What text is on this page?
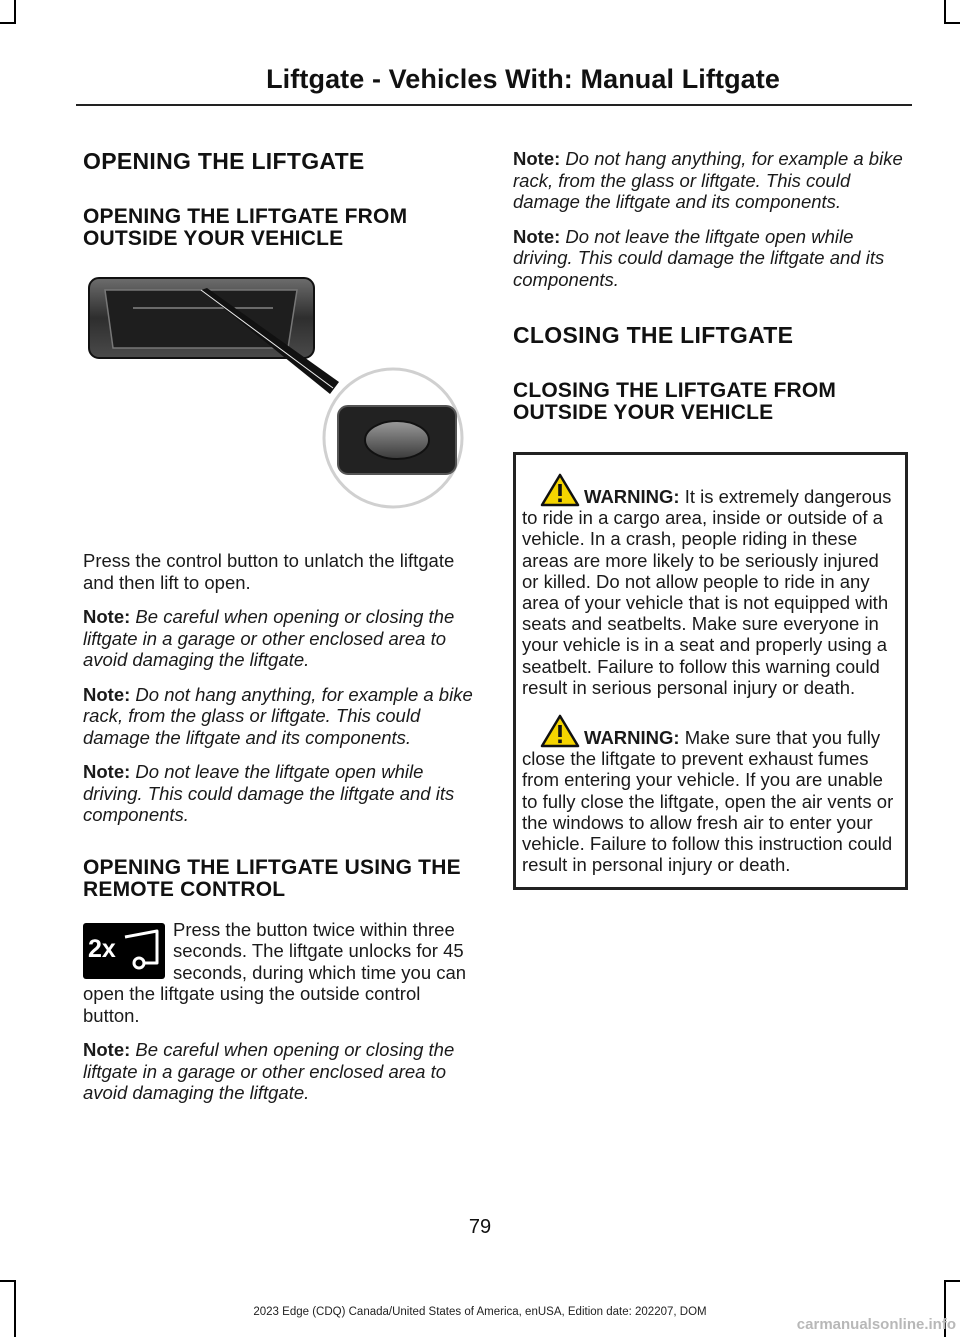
Liftgate - Vehicles With: Manual Liftgate
OPENING THE LIFTGATE
OPENING THE LIFTGATE FROM OUTSIDE YOUR VEHICLE

Press the control button to unlatch the liftgate and then lift to open.

Note: Be careful when opening or closing the liftgate in a garage or other enclosed area to avoid damaging the liftgate.

Note: Do not hang anything, for example a bike rack, from the glass or liftgate. This could damage the liftgate and its components.

Note: Do not leave the liftgate open while driving. This could damage the liftgate and its components.

OPENING THE LIFTGATE USING THE REMOTE CONTROL
2x

Press the button twice within three seconds. The liftgate unlocks for 45 seconds, during which time you can open the liftgate using the outside control button.

Note: Be careful when opening or closing the liftgate in a garage or other enclosed area to avoid damaging the liftgate.

Note: Do not hang anything, for example a bike rack, from the glass or liftgate. This could damage the liftgate and its components.

Note: Do not leave the liftgate open while driving. This could damage the liftgate and its components.

CLOSING THE LIFTGATE
CLOSING THE LIFTGATE FROM OUTSIDE YOUR VEHICLE
WARNING: It is extremely dangerous to ride in a cargo area, inside or outside of a vehicle. In a crash, people riding in these areas are more likely to be seriously injured or killed. Do not allow people to ride in any area of your vehicle that is not equipped with seats and seatbelts. Make sure everyone in your vehicle is in a seat and properly using a seatbelt. Failure to follow this warning could result in serious personal injury or death.
WARNING: Make sure that you fully close the liftgate to prevent exhaust fumes from entering your vehicle. If you are unable to fully close the liftgate, open the air vents or the windows to allow fresh air to enter your vehicle. Failure to follow this instruction could result in personal injury or death.
79
2023 Edge (CDQ) Canada/United States of America, enUSA, Edition date: 202207, DOM
carmanualsonline.info
